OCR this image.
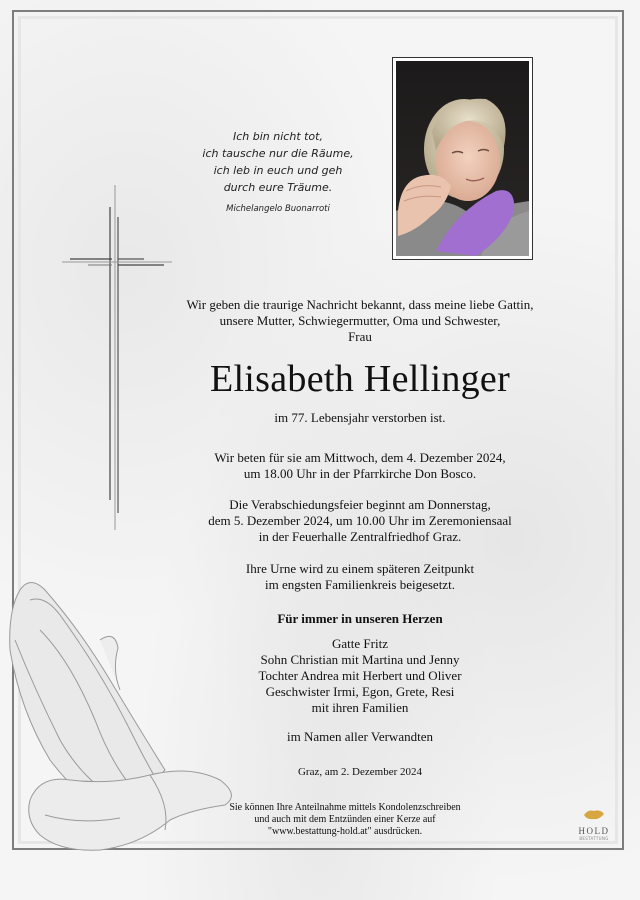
Ich bin nicht tot,
ich tausche nur die Räume,
ich leb in euch und geh
durch eure Träume.
Michelangelo Buonarroti
Wir geben die traurige Nachricht bekannt, dass meine liebe Gattin,
unsere Mutter, Schwiegermutter, Oma und Schwester,
Frau
Elisabeth Hellinger
im 77. Lebensjahr verstorben ist.
Wir beten für sie am Mittwoch, dem 4. Dezember 2024,
um 18.00 Uhr in der Pfarrkirche Don Bosco.
Die Verabschiedungsfeier beginnt am Donnerstag,
dem 5. Dezember 2024, um 10.00 Uhr im Zeremoniensaal
in der Feuerhalle Zentralfriedhof Graz.
Ihre Urne wird zu einem späteren Zeitpunkt
im engsten Familienkreis beigesetzt.
Für immer in unseren Herzen
Gatte Fritz
Sohn Christian mit Martina und Jenny
Tochter Andrea mit Herbert und Oliver
Geschwister Irmi, Egon, Grete, Resi
mit ihren Familien
im Namen aller Verwandten
Graz, am 2. Dezember 2024
Sie können Ihre Anteilnahme mittels Kondolenzschreiben
und auch mit dem Entzünden einer Kerze auf
"www.bestattung-hold.at" ausdrücken.	HOLD
BESTATTUNG
